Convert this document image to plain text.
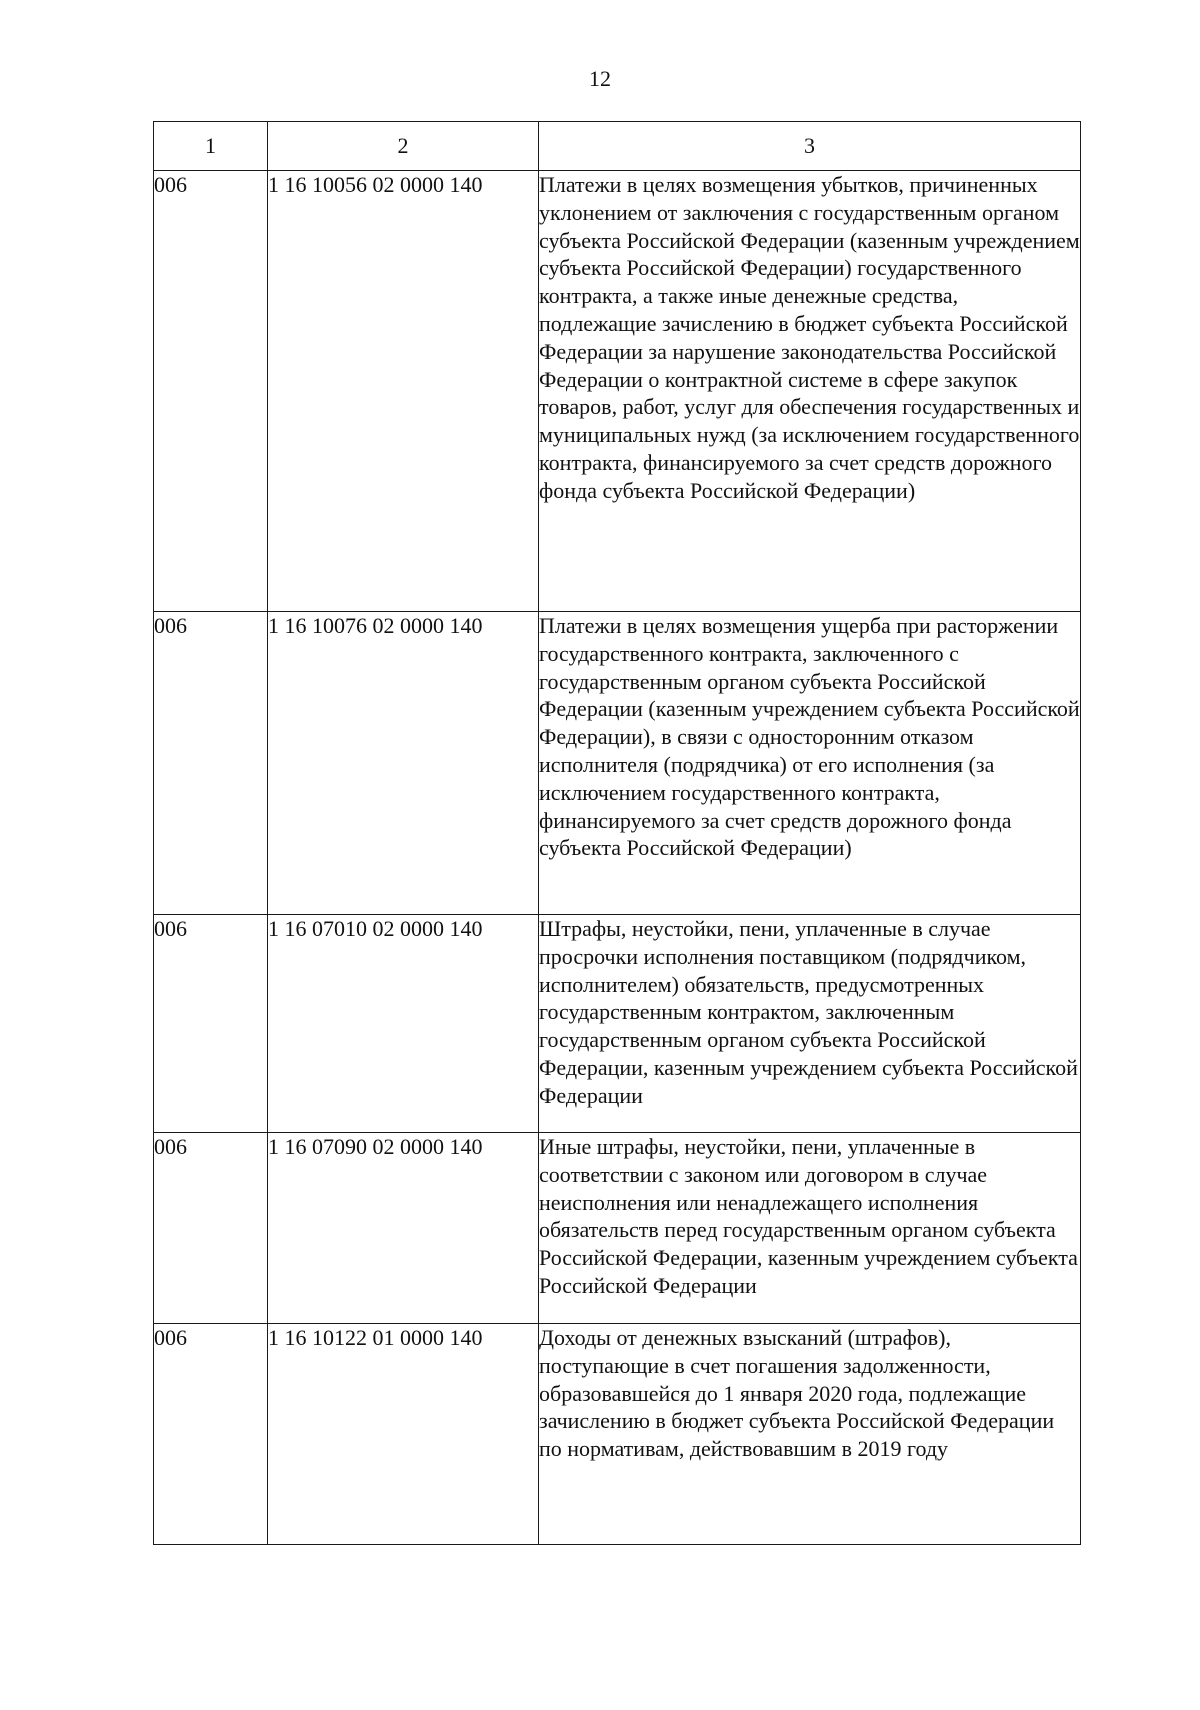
12
1	2	3
006	1 16 10056 02 0000 140	Платежи в целях возмещения убытков, причиненных уклонением от заключения с государственным органом субъекта Российской Федерации (казенным учреждением субъекта Российской Федерации) государственного контракта, а также иные денежные средства, подлежащие зачислению в бюджет субъекта Российской Федерации за нарушение законодательства Российской Федерации о контрактной системе в сфере закупок товаров, работ, услуг для обеспечения государственных и муниципальных нужд (за исключением государственного контракта, финансируемого за счет средств дорожного фонда субъекта Российской Федерации)
006	1 16 10076 02 0000 140	Платежи в целях возмещения ущерба при расторжении государственного контракта, заключенного с государственным органом субъекта Российской Федерации (казенным учреждением субъекта Российской Федерации), в связи с односторонним отказом исполнителя (подрядчика) от его исполнения (за исключением государственного контракта, финансируемого за счет средств дорожного фонда субъекта Российской Федерации)
006	1 16 07010 02 0000 140	Штрафы, неустойки, пени, уплаченные в случае просрочки исполнения поставщиком (подрядчиком, исполнителем) обязательств, предусмотренных государственным контрактом, заключенным государственным органом субъекта Российской Федерации, казенным учреждением субъекта Российской Федерации
006	1 16 07090 02 0000 140	Иные штрафы, неустойки, пени, уплаченные в соответствии с законом или договором в случае неисполнения или ненадлежащего исполнения обязательств перед государственным органом субъекта Российской Федерации, казенным учреждением субъекта Российской Федерации
006	1 16 10122 01 0000 140	Доходы от денежных взысканий (штрафов), поступающие в счет погашения задолженности, образовавшейся до 1 января 2020 года, подлежащие зачислению в бюджет субъекта Российской Федерации по нормативам, действовавшим в 2019 году
